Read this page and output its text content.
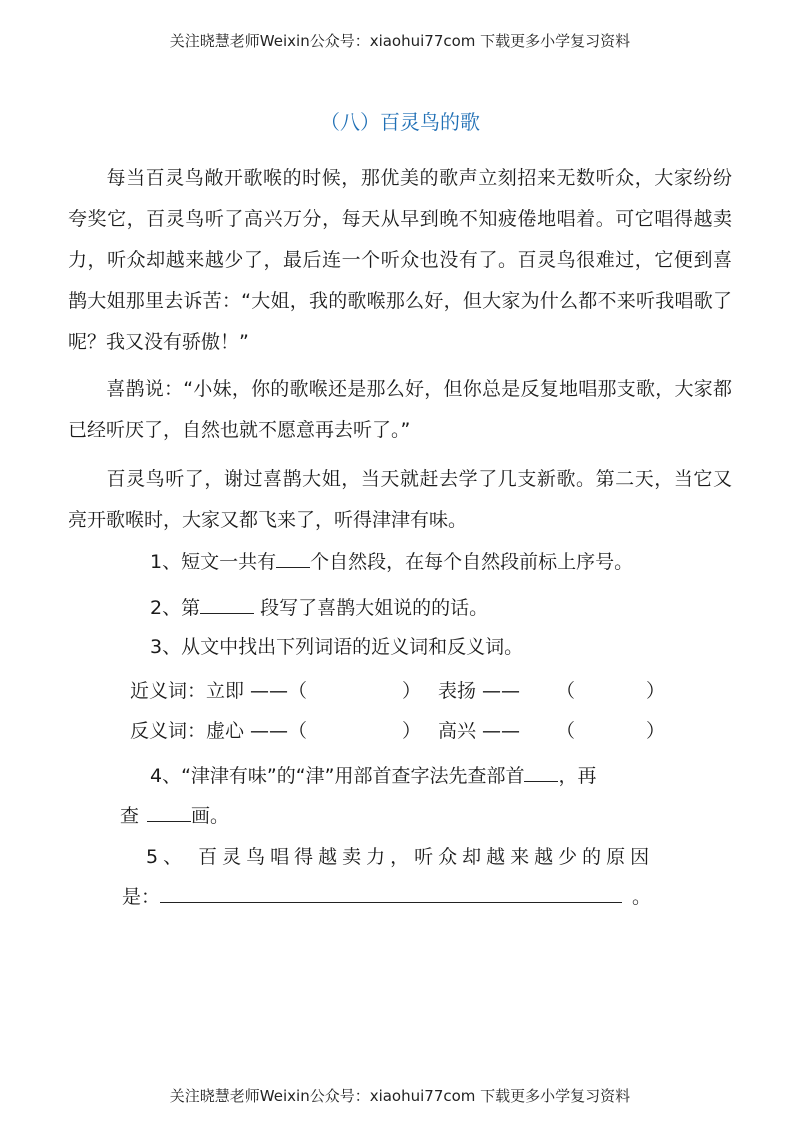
关注晓慧老师Weixin公众号：xiaohui77com 下载更多小学复习资料
（八）百灵鸟的歌

每当百灵鸟敞开歌喉的时候，那优美的歌声立刻招来无数听众，大家纷纷夸奖它，百灵鸟听了高兴万分，每天从早到晚不知疲倦地唱着。可它唱得越卖力，听众却越来越少了，最后连一个听众也没有了。百灵鸟很难过，它便到喜鹊大姐那里去诉苦：“大姐，我的歌喉那么好，但大家为什么都不来听我唱歌了呢？我又没有骄傲！”

喜鹊说：“小妹，你的歌喉还是那么好，但你总是反复地唱那支歌，大家都已经听厌了，自然也就不愿意再去听了。”

百灵鸟听了，谢过喜鹊大姐，当天就赶去学了几支新歌。第二天，当它又亮开歌喉时，大家又都飞来了，听得津津有味。

1、短文一共有 个自然段，在每个自然段前标上序号。
2、第	段写了喜鹊大姐说的的话。
3、从文中找出下列词语的近义词和反义词。
近义词：立即 ——（	） 表扬 —— （	）
反义词：虚心 ——（	） 高兴 —— （	）
4、“津津有味”的“津”用部首查字法先查部首 ，再
查	画。
5、 百灵鸟唱得越卖力，听众却越来越少的原因
是：	。
关注晓慧老师Weixin公众号：xiaohui77com 下载更多小学复习资料
